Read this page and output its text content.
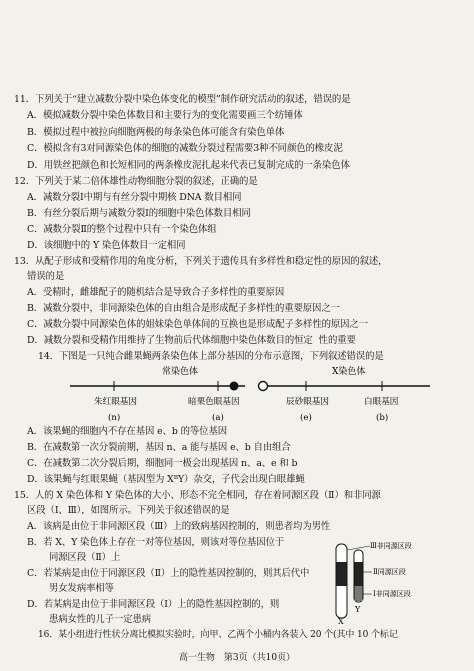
11．下列关于“建立减数分裂中染色体变化的模型”制作研究活动的叙述，错误的是
A．模拟减数分裂中染色体数目和主要行为的变化需要画三个纺锤体
B．模拟过程中被拉向细胞两极的每条染色体可能含有染色单体
C．模拟含有3对同源染色体的细胞的减数分裂过程需要3种不同颜色的橡皮泥
D．用铁丝把颜色和长短相同的两条橡皮泥扎起来代表已复制完成的一条染色体
12．下列关于某二倍体雄性动物细胞分裂的叙述，正确的是
A．减数分裂Ⅰ中期与有丝分裂中期核 DNA 数目相同
B．有丝分裂后期与减数分裂Ⅰ的细胞中染色体数目相同
C．减数分裂Ⅱ的整个过程中只有一个染色体组
D．该细胞中的 Y 染色体数目一定相同
13．从配子形成和受精作用的角度分析，下列关于遗传具有多样性和稳定性的原因的叙述，
错误的是
A．受精时，雌雄配子的随机结合是导致合子多样性的重要原因
B．减数分裂中，非同源染色体的自由组合是形成配子多样性的重要原因之一
C．减数分裂中同源染色体的姐妹染色单体间的互换也是形成配子多样性的原因之一
D．减数分裂和受精作用维持了生物前后代体细胞中染色体数目的恒定 性的重要
14．下图是一只纯合雌果蝇两条染色体上部分基因的分布示意图，下列叙述错误的是
常染色体	X染色体
朱红眼基因	暗栗色眼基因	辰砂眼基因	白眼基因
(n)	(a)	(e)	(b)
A．该果蝇的细胞内不存在基因 e、b 的等位基因
B．在减数第一次分裂前期，基因 n、a 能与基因 e、b 自由组合
C．在减数第二次分裂后期，细胞同一极会出现基因 n、a、e 和 b
D．该果蝇与红眼果蝇（基因型为 XᴮY）杂交，子代会出现白眼雄蝇
15．人的 X 染色体和 Y 染色体的大小、形态不完全相同，存在着同源区段（Ⅱ）和非同源
区段（Ⅰ、Ⅲ），如图所示。下列关于叙述错误的是
A．该病是由位于非同源区段（Ⅲ）上的致病基因控制的，则患者均为男性
B．若 X、Y 染色体上存在一对等位基因，则该对等位基因位于
同源区段（Ⅱ）上
C．若某病是由位于同源区段（Ⅱ）上的隐性基因控制的，则其后代中
男女发病率相等
D．若某病是由位于非同源区段（Ⅰ）上的隐性基因控制的，则
患病女性的儿子一定患病	X
Y
Ⅲ非同源区段
Ⅱ同源区段
Ⅰ非同源区段
16．某小组进行性状分离比模拟实验时，向甲、乙两个小桶内各装入 20 个(其中 10 个标记
高一生物　第3页（共10页）
